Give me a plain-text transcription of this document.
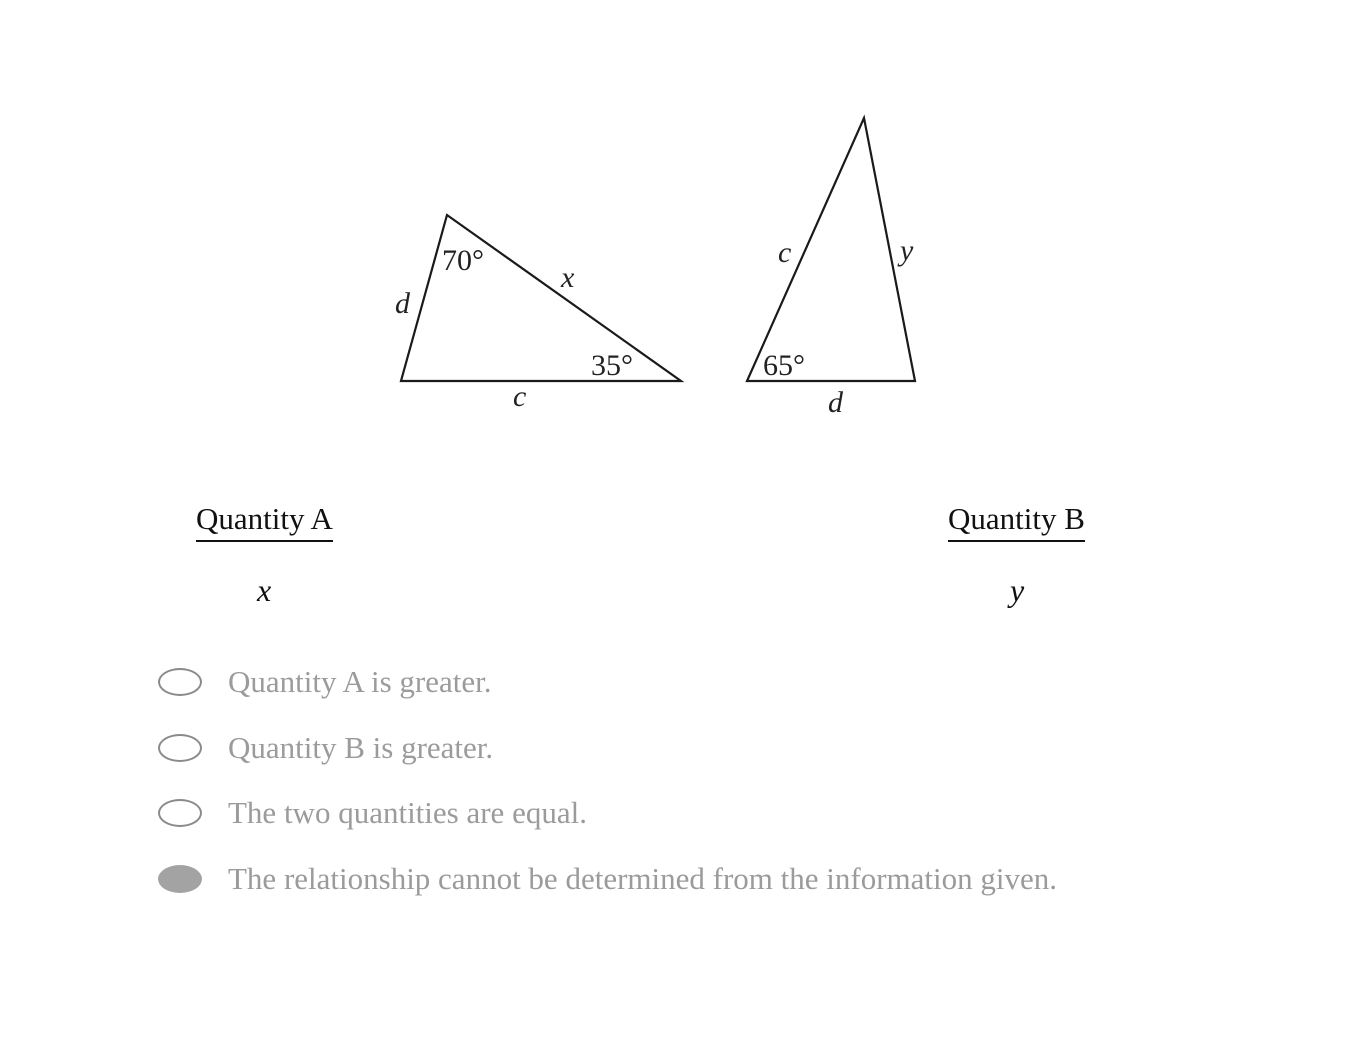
70°
35°
d
x
c
65°
c	y
d
Quantity A	Quantity B
x	y
Quantity A is greater.
Quantity B is greater.
The two quantities are equal.
The relationship cannot be determined from the information given.
